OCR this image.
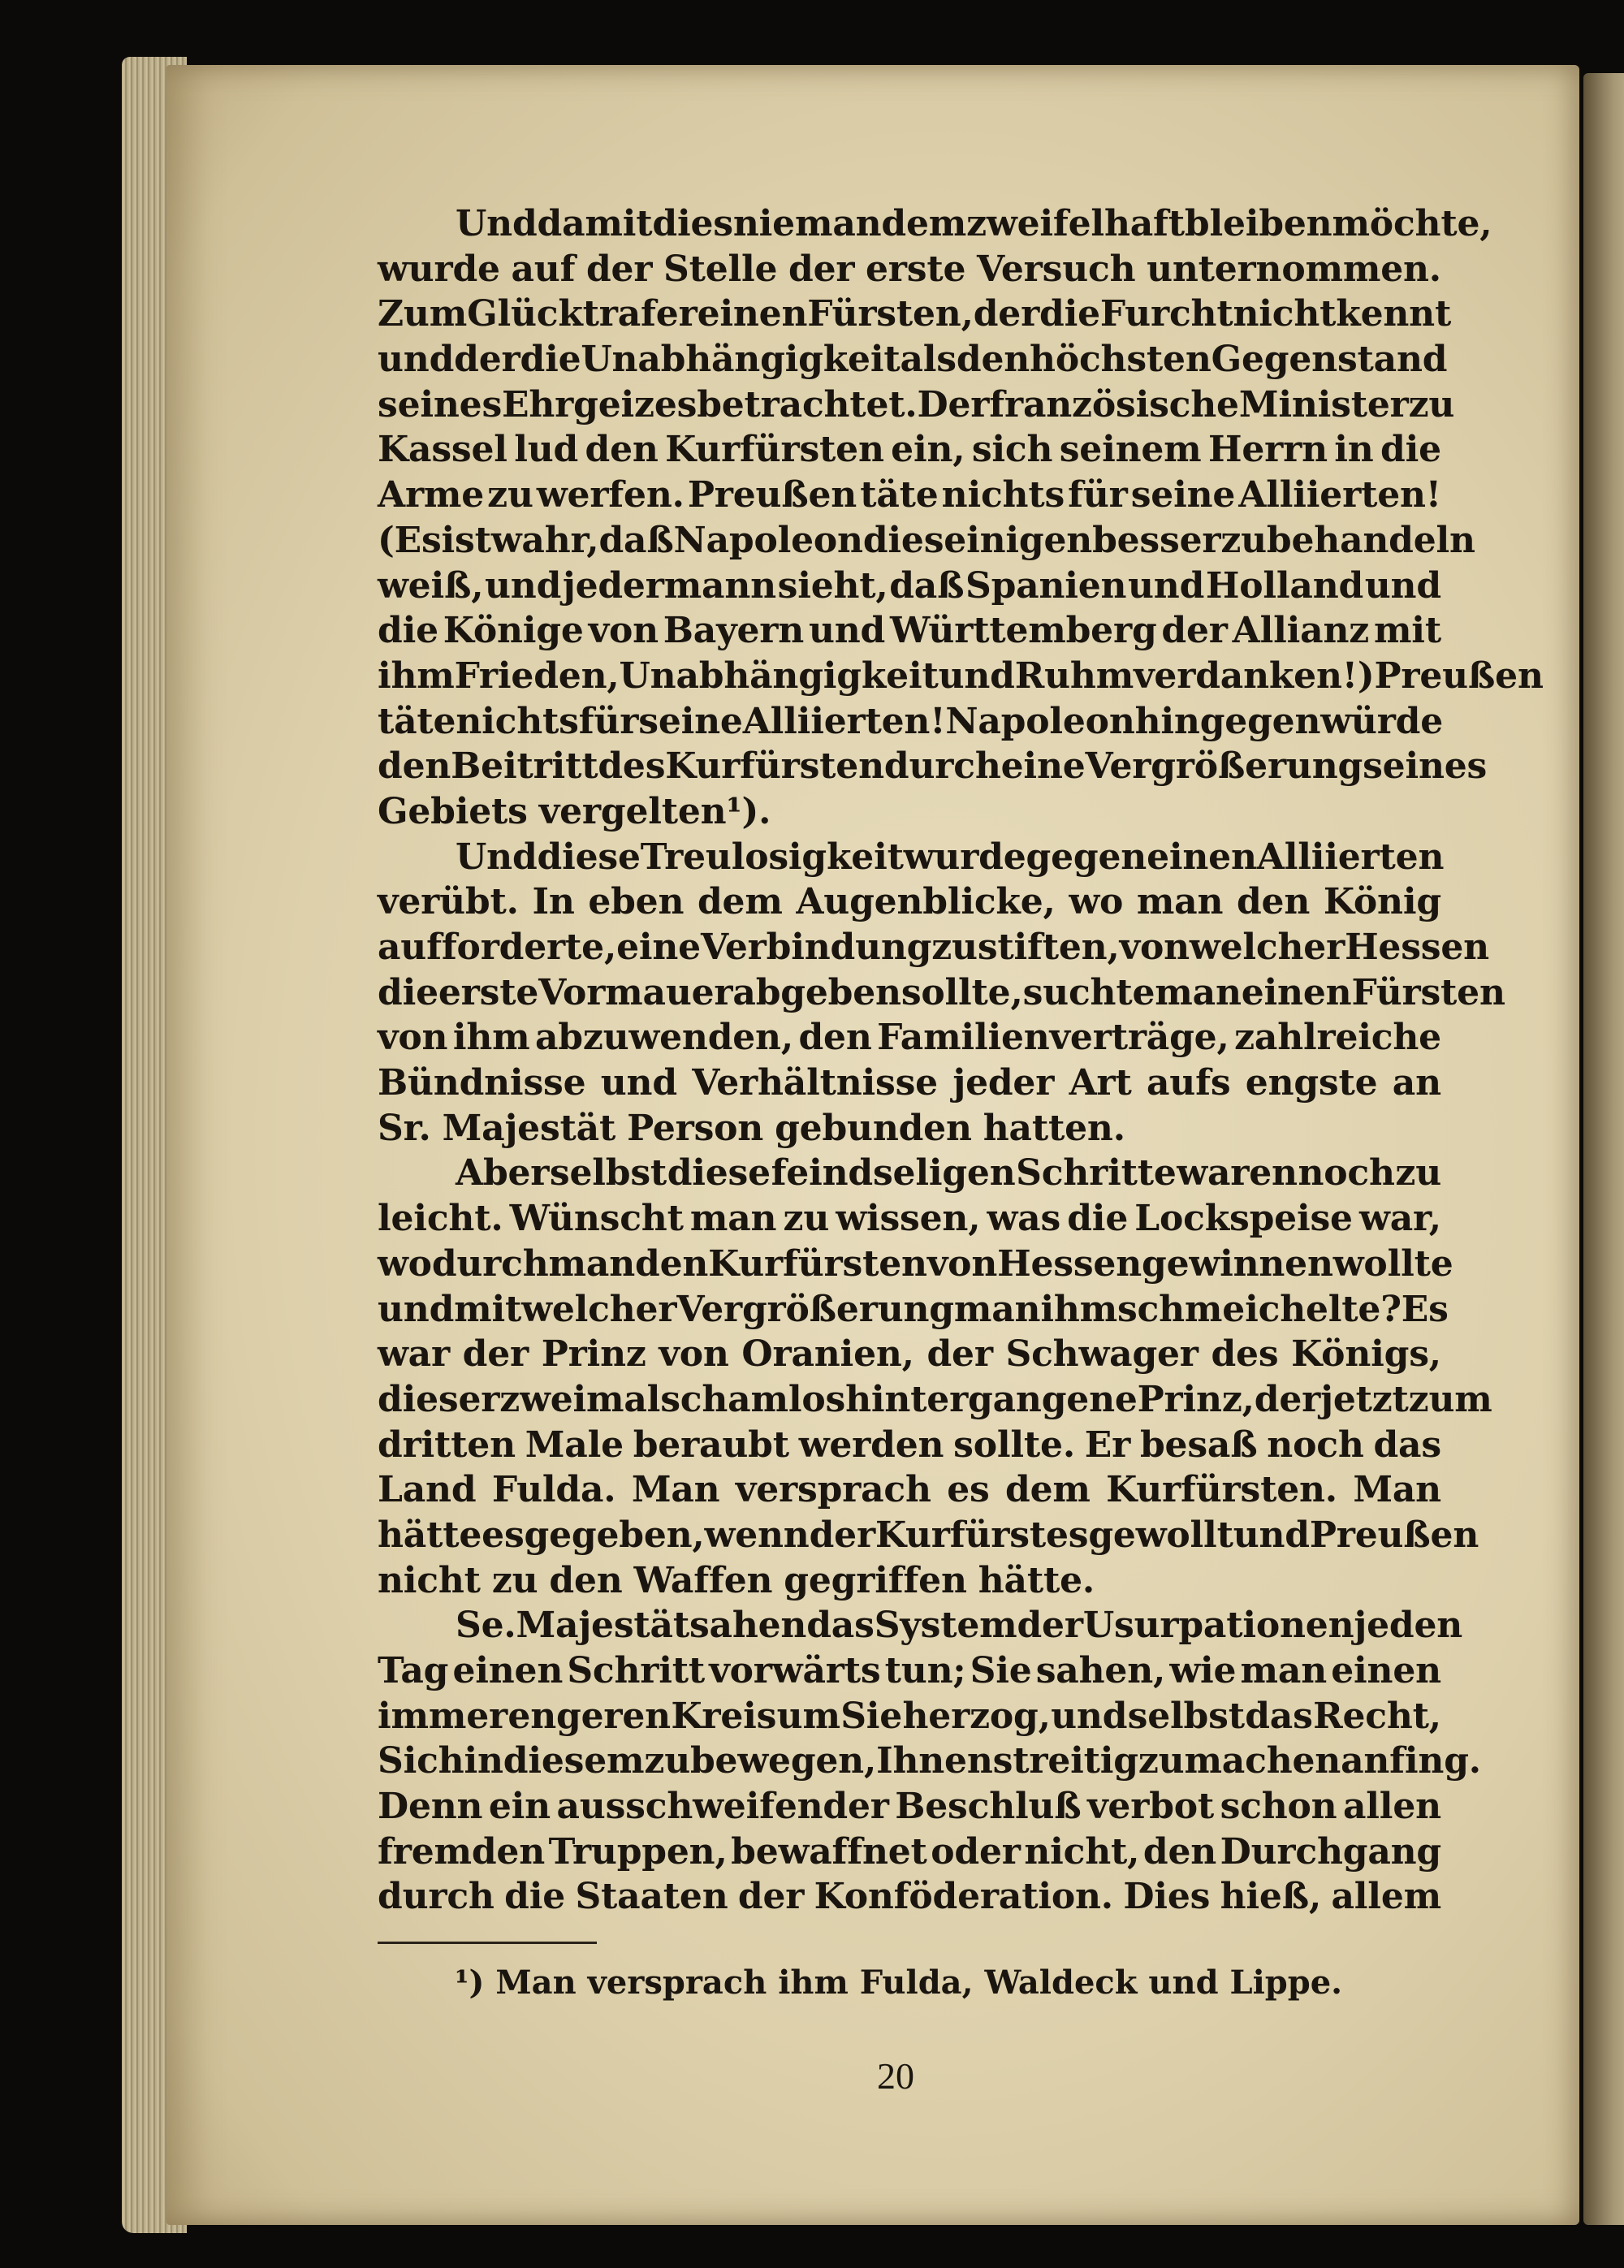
Und damit dies niemandem zweifelhaft bleiben möchte,
wurde auf der Stelle der erste Versuch unternommen.
Zum Glück traf er einen Fürsten, der die Furcht nicht kennt
und der die Unabhängigkeit als den höchsten Gegenstand
seines Ehrgeizes betrachtet. Der französische Minister zu
Kassel lud den Kurfürsten ein, sich seinem Herrn in die
Arme zu werfen. Preußen täte nichts für seine Alliierten!
(Es ist wahr, daß Napoleon die seinigen besser zu behandeln
weiß, und jedermann sieht, daß Spanien und Holland und
die Könige von Bayern und Württemberg der Allianz mit
ihm Frieden, Unabhängigkeit und Ruhm verdanken!) Preußen
täte nichts für seine Alliierten! Napoleon hingegen würde
den Beitritt des Kurfürsten durch eine Vergrößerung seines
Gebiets vergelten¹).
Und diese Treulosigkeit wurde gegen einen Alliierten
verübt. In eben dem Augenblicke, wo man den König
aufforderte, eine Verbindung zu stiften, von welcher Hessen
die erste Vormauer abgeben sollte, suchte man einen Fürsten
von ihm abzuwenden, den Familienverträge, zahlreiche
Bündnisse und Verhältnisse jeder Art aufs engste an
Sr. Majestät Person gebunden hatten.
Aber selbst diese feindseligen Schritte waren noch zu
leicht. Wünscht man zu wissen, was die Lockspeise war,
wodurch man den Kurfürsten von Hessen gewinnen wollte
und mit welcher Vergrößerung man ihm schmeichelte? Es
war der Prinz von Oranien, der Schwager des Königs,
dieser zweimal schamlos hintergangene Prinz, der jetzt zum
dritten Male beraubt werden sollte. Er besaß noch das
Land Fulda. Man versprach es dem Kurfürsten. Man
hätte es gegeben, wenn der Kurfürst es gewollt und Preußen
nicht zu den Waffen gegriffen hätte.
Se. Majestät sahen das System der Usurpationen jeden
Tag einen Schritt vorwärts tun; Sie sahen, wie man einen
immer engeren Kreis um Sie herzog, und selbst das Recht,
Sich in diesem zu bewegen, Ihnen streitig zu machen anfing.
Denn ein ausschweifender Beschluß verbot schon allen
fremden Truppen, bewaffnet oder nicht, den Durchgang
durch die Staaten der Konföderation. Dies hieß, allem
¹) Man versprach ihm Fulda, Waldeck und Lippe.
20
